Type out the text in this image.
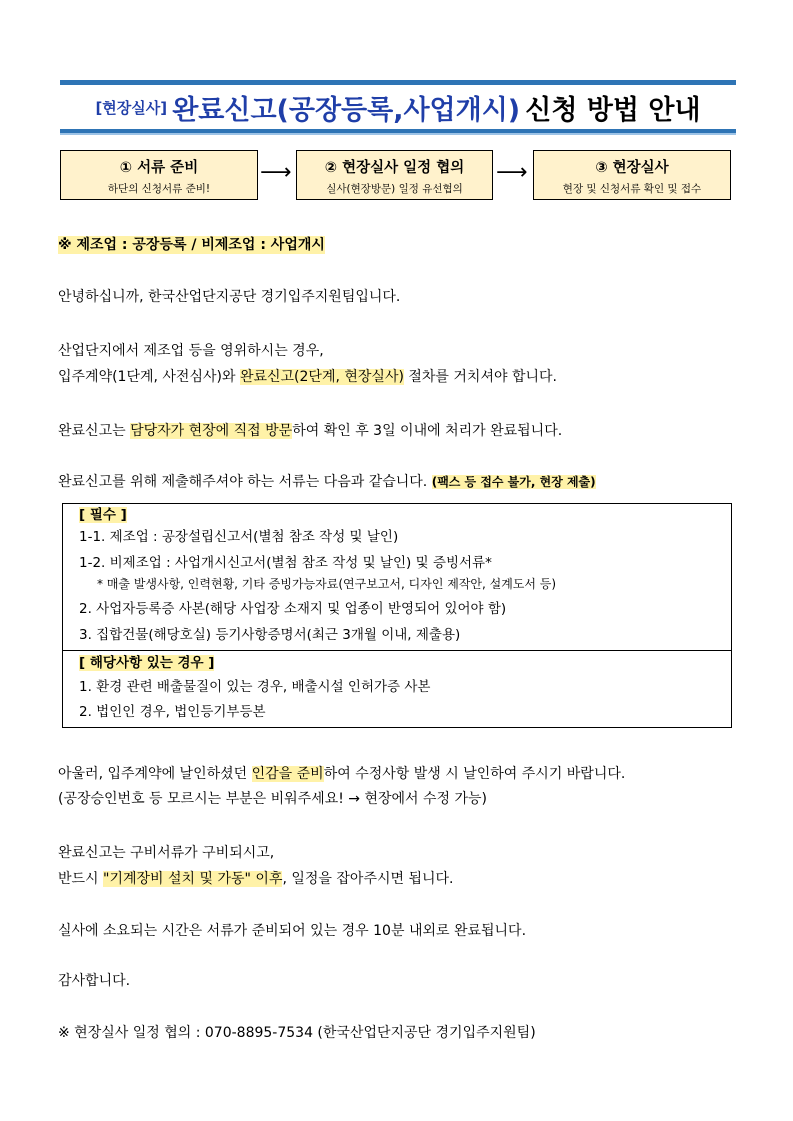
[현장실사] 완료신고(공장등록,사업개시) 신청 방법 안내
① 서류 준비
하단의 신청서류 준비!
⟶	② 현장실사 일정 협의
실사(현장방문) 일정 유선협의
⟶	③ 현장실사
현장 및 신청서류 확인 및 접수
※ 제조업 : 공장등록 / 비제조업 : 사업개시
안녕하십니까, 한국산업단지공단 경기입주지원팀입니다.
산업단지에서 제조업 등을 영위하시는 경우,
입주계약(1단계, 사전심사)와 완료신고(2단계, 현장실사) 절차를 거치셔야 합니다.
완료신고는 담당자가 현장에 직접 방문하여 확인 후 3일 이내에 처리가 완료됩니다.
완료신고를 위해 제출해주셔야 하는 서류는 다음과 같습니다. (팩스 등 접수 불가, 현장 제출)
[ 필수 ]
1-1. 제조업 : 공장설립신고서(별첨 참조 작성 및 날인)
1-2. 비제조업 : 사업개시신고서(별첨 참조 작성 및 날인) 및 증빙서류*
* 매출 발생사항, 인력현황, 기타 증빙가능자료(연구보고서, 디자인 제작안, 설계도서 등)
2. 사업자등록증 사본(해당 사업장 소재지 및 업종이 반영되어 있어야 함)
3. 집합건물(해당호실) 등기사항증명서(최근 3개월 이내, 제출용)
[ 해당사항 있는 경우 ]
1. 환경 관련 배출물질이 있는 경우, 배출시설 인허가증 사본
2. 법인인 경우, 법인등기부등본
아울러, 입주계약에 날인하셨던 인감을 준비하여 수정사항 발생 시 날인하여 주시기 바랍니다.
(공장승인번호 등 모르시는 부분은 비워주세요! → 현장에서 수정 가능)
완료신고는 구비서류가 구비되시고,
반드시 "기계장비 설치 및 가동" 이후, 일정을 잡아주시면 됩니다.
실사에 소요되는 시간은 서류가 준비되어 있는 경우 10분 내외로 완료됩니다.
감사합니다.
※ 현장실사 일정 협의 : 070-8895-7534 (한국산업단지공단 경기입주지원팀)
